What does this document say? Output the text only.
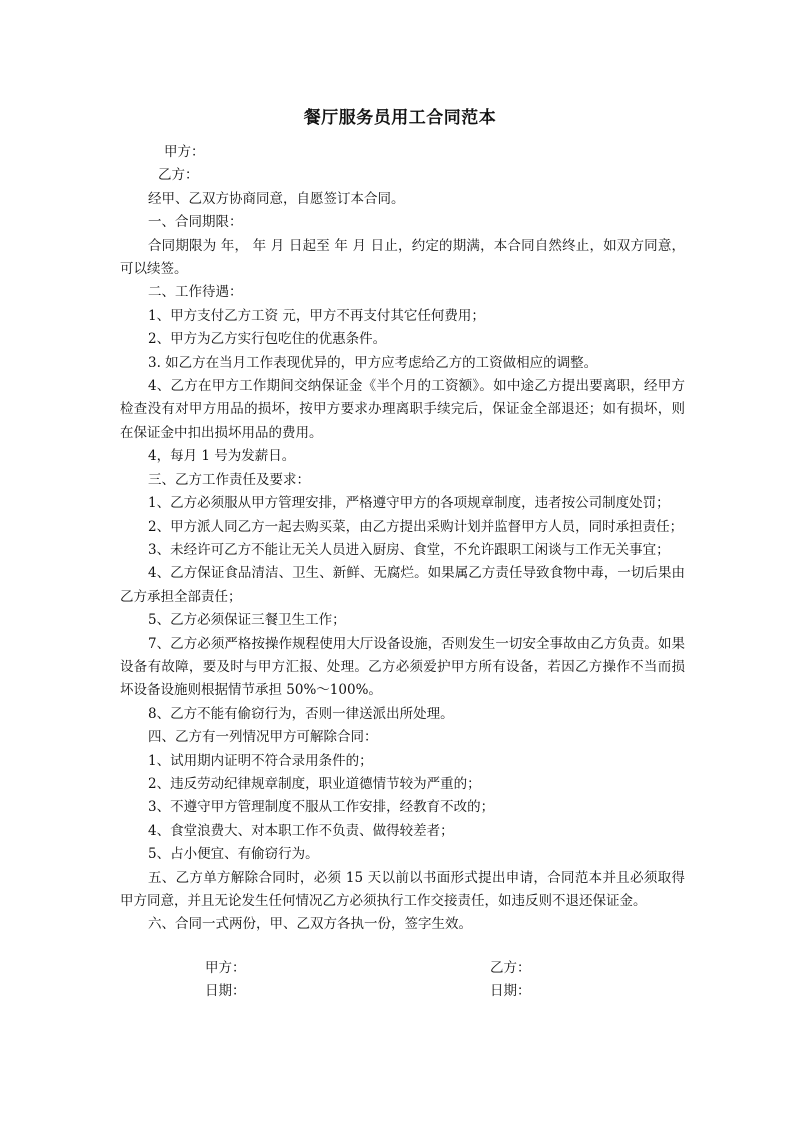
餐厅服务员用工合同范本

甲方：

乙方：

经甲、乙双方协商同意，自愿签订本合同。

一、合同期限：

合同期限为 年， 年 月 日起至 年 月 日止，约定的期满，本合同自然终止，如双方同意，可以续签。

二、工作待遇：

1、甲方支付乙方工资 元，甲方不再支付其它任何费用；

2、甲方为乙方实行包吃住的优惠条件。

3. 如乙方在当月工作表现优异的，甲方应考虑给乙方的工资做相应的调整。

4、乙方在甲方工作期间交纳保证金《半个月的工资额》。如中途乙方提出要离职，经甲方检查没有对甲方用品的损坏，按甲方要求办理离职手续完后，保证金全部退还；如有损坏，则在保证金中扣出损坏用品的费用。

4，每月 1 号为发薪日。

三、乙方工作责任及要求：

1、乙方必须服从甲方管理安排，严格遵守甲方的各项规章制度，违者按公司制度处罚；

2、甲方派人同乙方一起去购买菜，由乙方提出采购计划并监督甲方人员，同时承担责任；

3、未经许可乙方不能让无关人员进入厨房、食堂，不允许跟职工闲谈与工作无关事宜；

4、乙方保证食品清洁、卫生、新鲜、无腐烂。如果属乙方责任导致食物中毒，一切后果由乙方承担全部责任；

5、乙方必须保证三餐卫生工作；

7、乙方必须严格按操作规程使用大厅设备设施，否则发生一切安全事故由乙方负责。如果设备有故障，要及时与甲方汇报、处理。乙方必须爱护甲方所有设备，若因乙方操作不当而损坏设备设施则根据情节承担 50%～100%。

8、乙方不能有偷窃行为，否则一律送派出所处理。

四、乙方有一列情况甲方可解除合同：

1、试用期内证明不符合录用条件的；

2、违反劳动纪律规章制度，职业道德情节较为严重的；

3、不遵守甲方管理制度不服从工作安排，经教育不改的；

4、食堂浪费大、对本职工作不负责、做得较差者；

5、占小便宜、有偷窃行为。

五、乙方单方解除合同时，必须 15 天以前以书面形式提出申请，合同范本并且必须取得甲方同意，并且无论发生任何情况乙方必须执行工作交接责任，如违反则不退还保证金。

六、合同一式两份，甲、乙双方各执一份，签字生效。

甲方：
日期：
乙方：
日期：
